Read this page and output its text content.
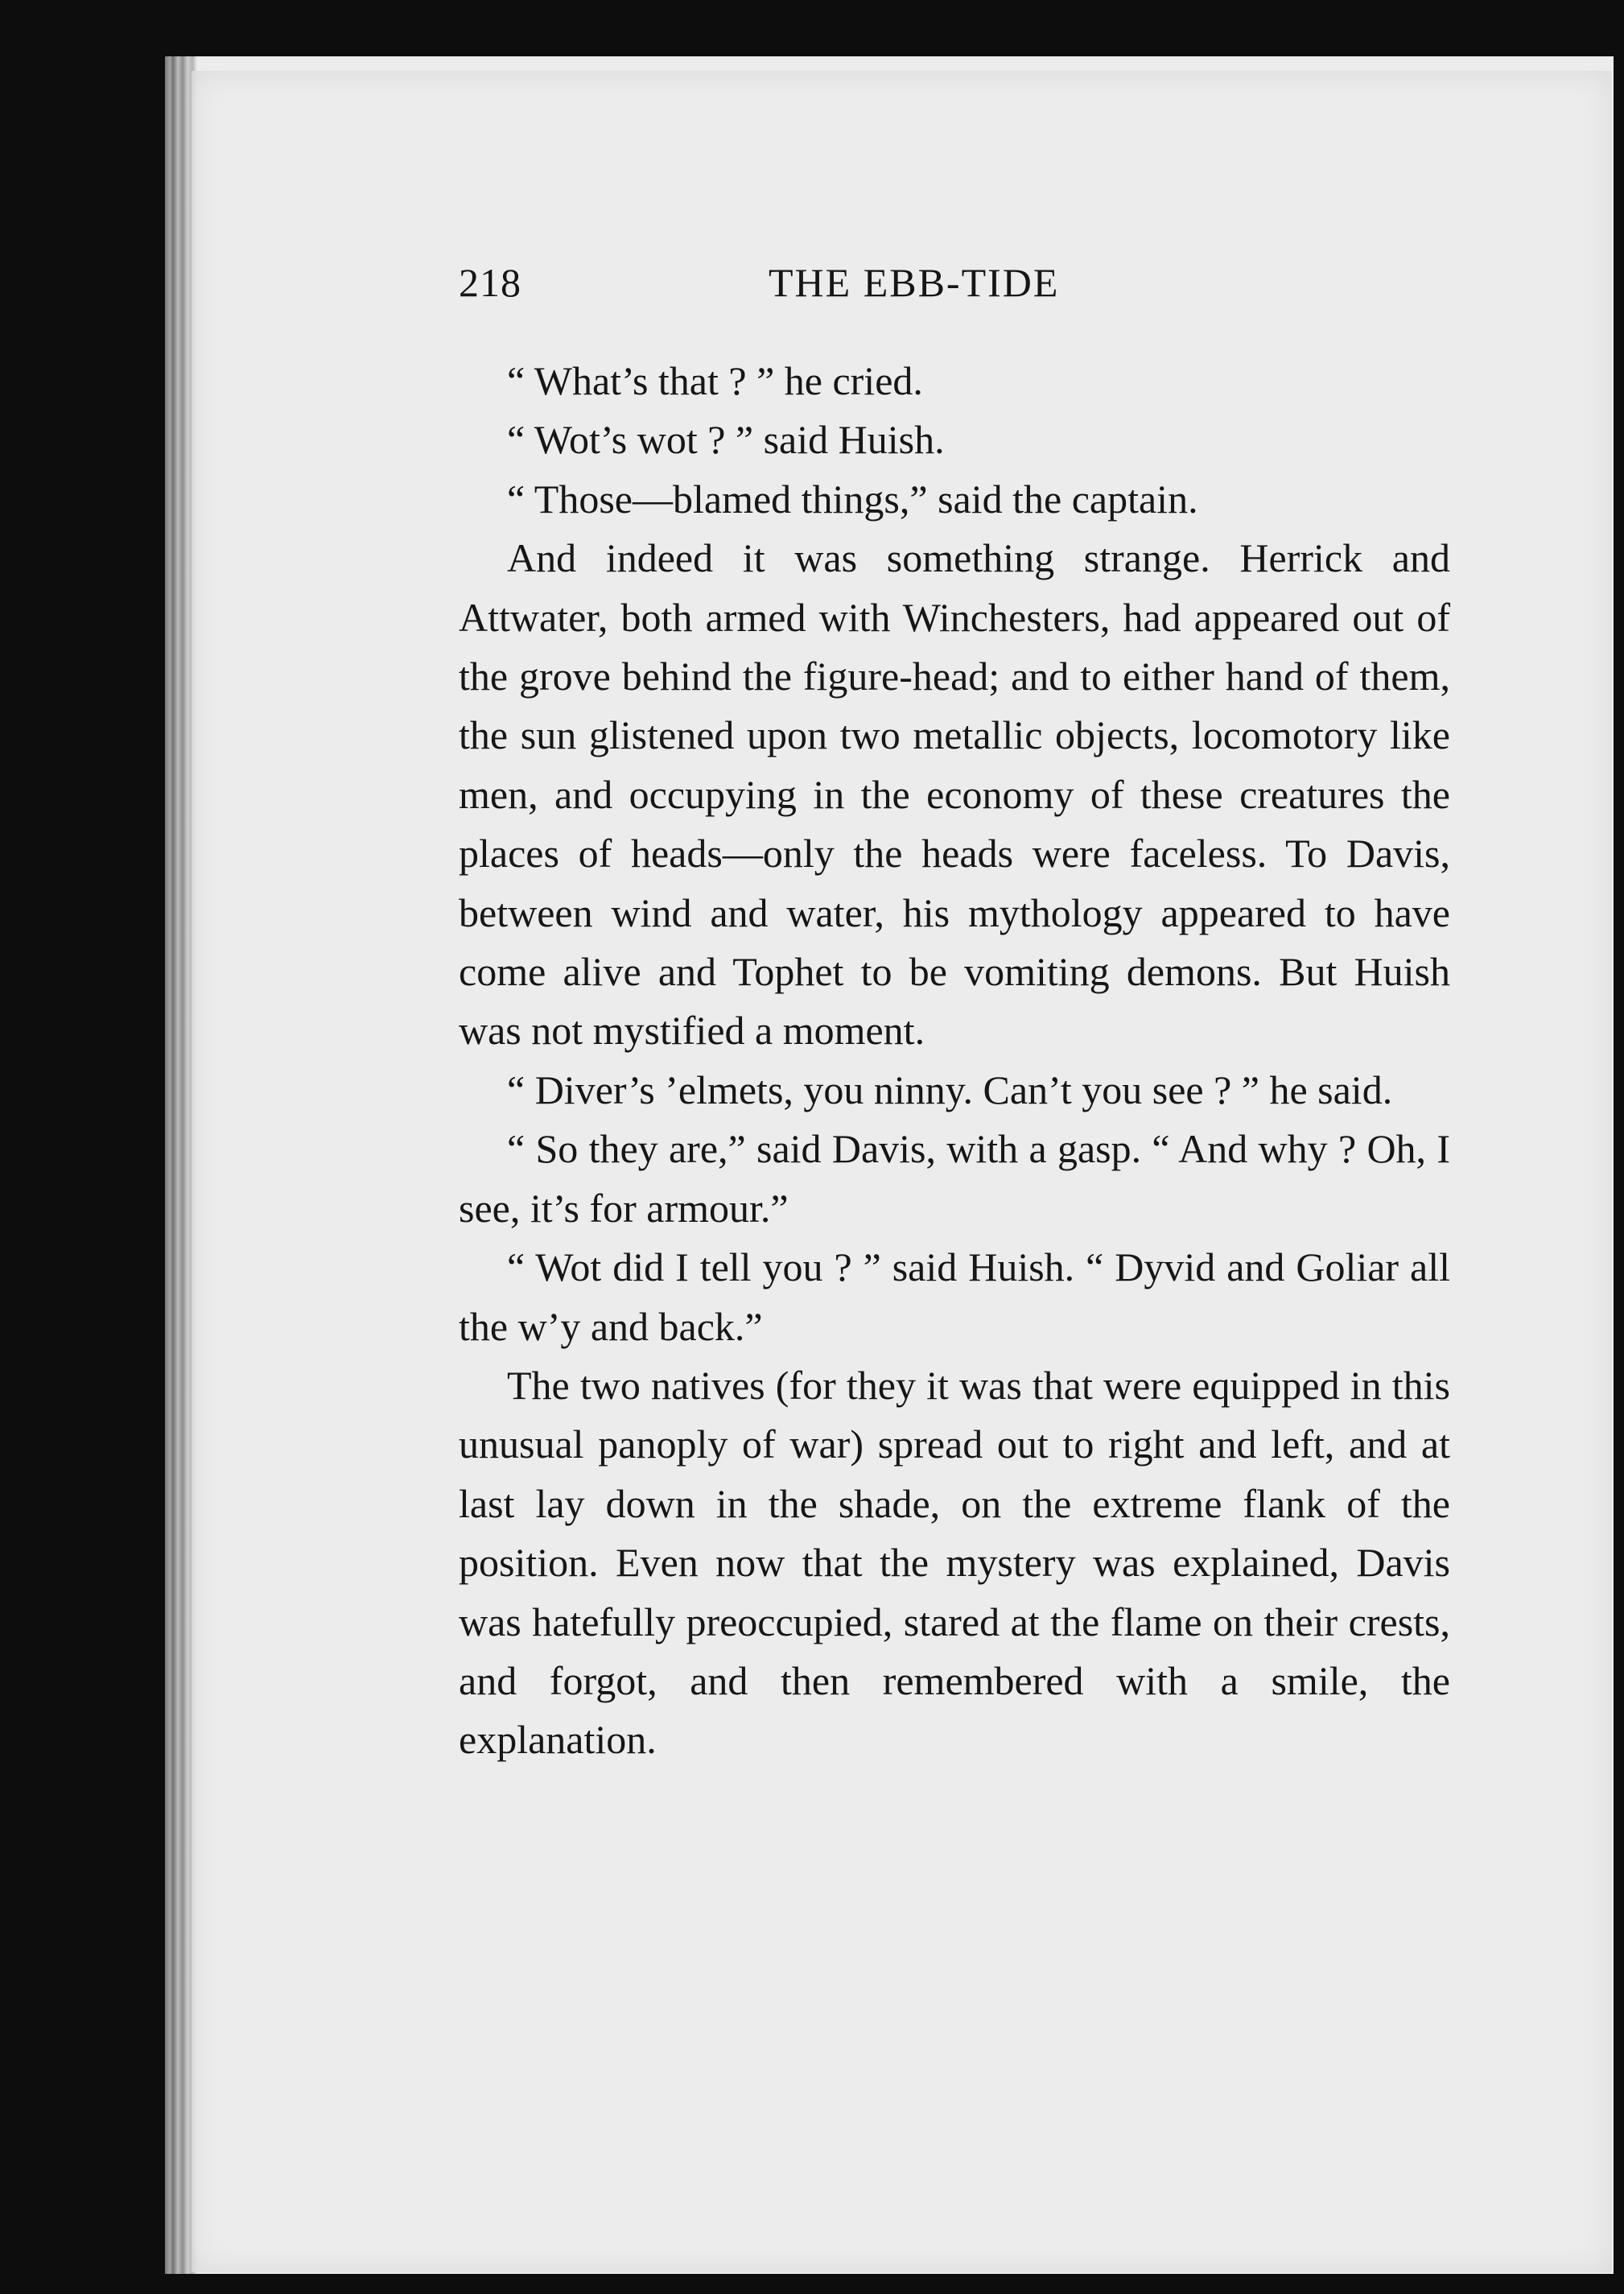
218	THE EBB-TIDE

“ What’s that ? ” he cried.

“ Wot’s wot ? ” said Huish.

“ Those—blamed things,” said the captain.

And indeed it was something strange. Herrick and Attwater, both armed with Winchesters, had appeared out of the grove behind the figure-head; and to either hand of them, the sun glistened upon two metallic objects, locomotory like men, and occupying in the economy of these creatures the places of heads—only the heads were faceless. To Davis, between wind and water, his mythology appeared to have come alive and Tophet to be vomiting demons. But Huish was not mystified a moment.

“ Diver’s ’elmets, you ninny. Can’t you see ? ” he said.

“ So they are,” said Davis, with a gasp. “ And why ? Oh, I see, it’s for armour.”

“ Wot did I tell you ? ” said Huish. “ Dyvid and Goliar all the w’y and back.”

The two natives (for they it was that were equipped in this unusual panoply of war) spread out to right and left, and at last lay down in the shade, on the extreme flank of the position. Even now that the mystery was explained, Davis was hatefully preoccupied, stared at the flame on their crests, and forgot, and then remembered with a smile, the explanation.
